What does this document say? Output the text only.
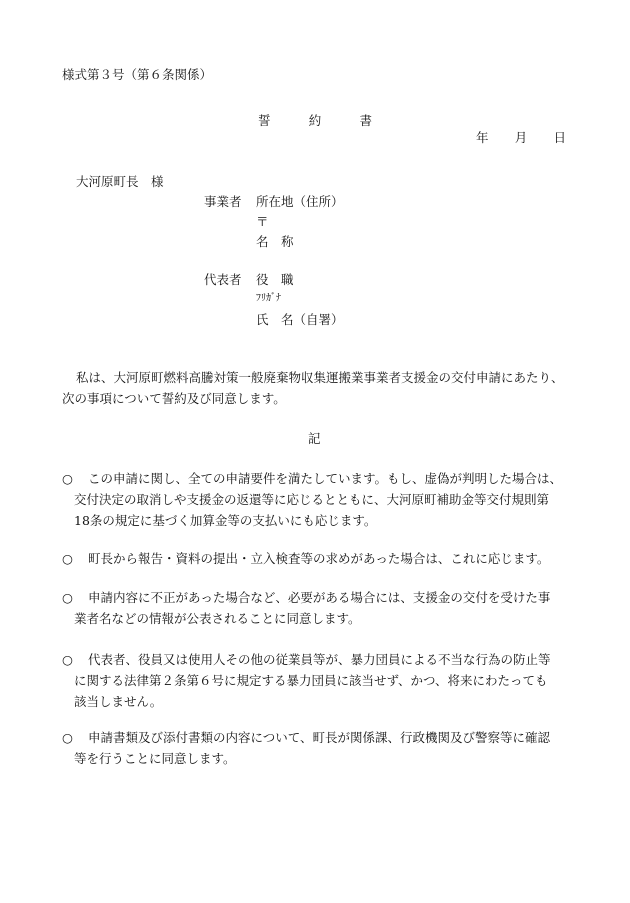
様式第３号（第６条関係）
誓	約	書
年 月 日
大河原町長　様
事業者 所在地（住所）
〒
名　称
代表者 役　職
ﾌﾘｶﾞﾅ
氏　名（自署）
私は、大河原町燃料高騰対策一般廃棄物収集運搬業事業者支援金の交付申請にあたり、
次の事項について誓約及び同意します。
記
○ この申請に関し、全ての申請要件を満たしています。もし、虚偽が判明した場合は、
交付決定の取消しや支援金の返還等に応じるとともに、大河原町補助金等交付規則第
18条の規定に基づく加算金等の支払いにも応じます。
○ 町長から報告・資料の提出・立入検査等の求めがあった場合は、これに応じます。
○ 申請内容に不正があった場合など、必要がある場合には、支援金の交付を受けた事
業者名などの情報が公表されることに同意します。
○ 代表者、役員又は使用人その他の従業員等が、暴力団員による不当な行為の防止等
に関する法律第２条第６号に規定する暴力団員に該当せず、かつ、将来にわたっても
該当しません。
○ 申請書類及び添付書類の内容について、町長が関係課、行政機関及び警察等に確認
等を行うことに同意します。
